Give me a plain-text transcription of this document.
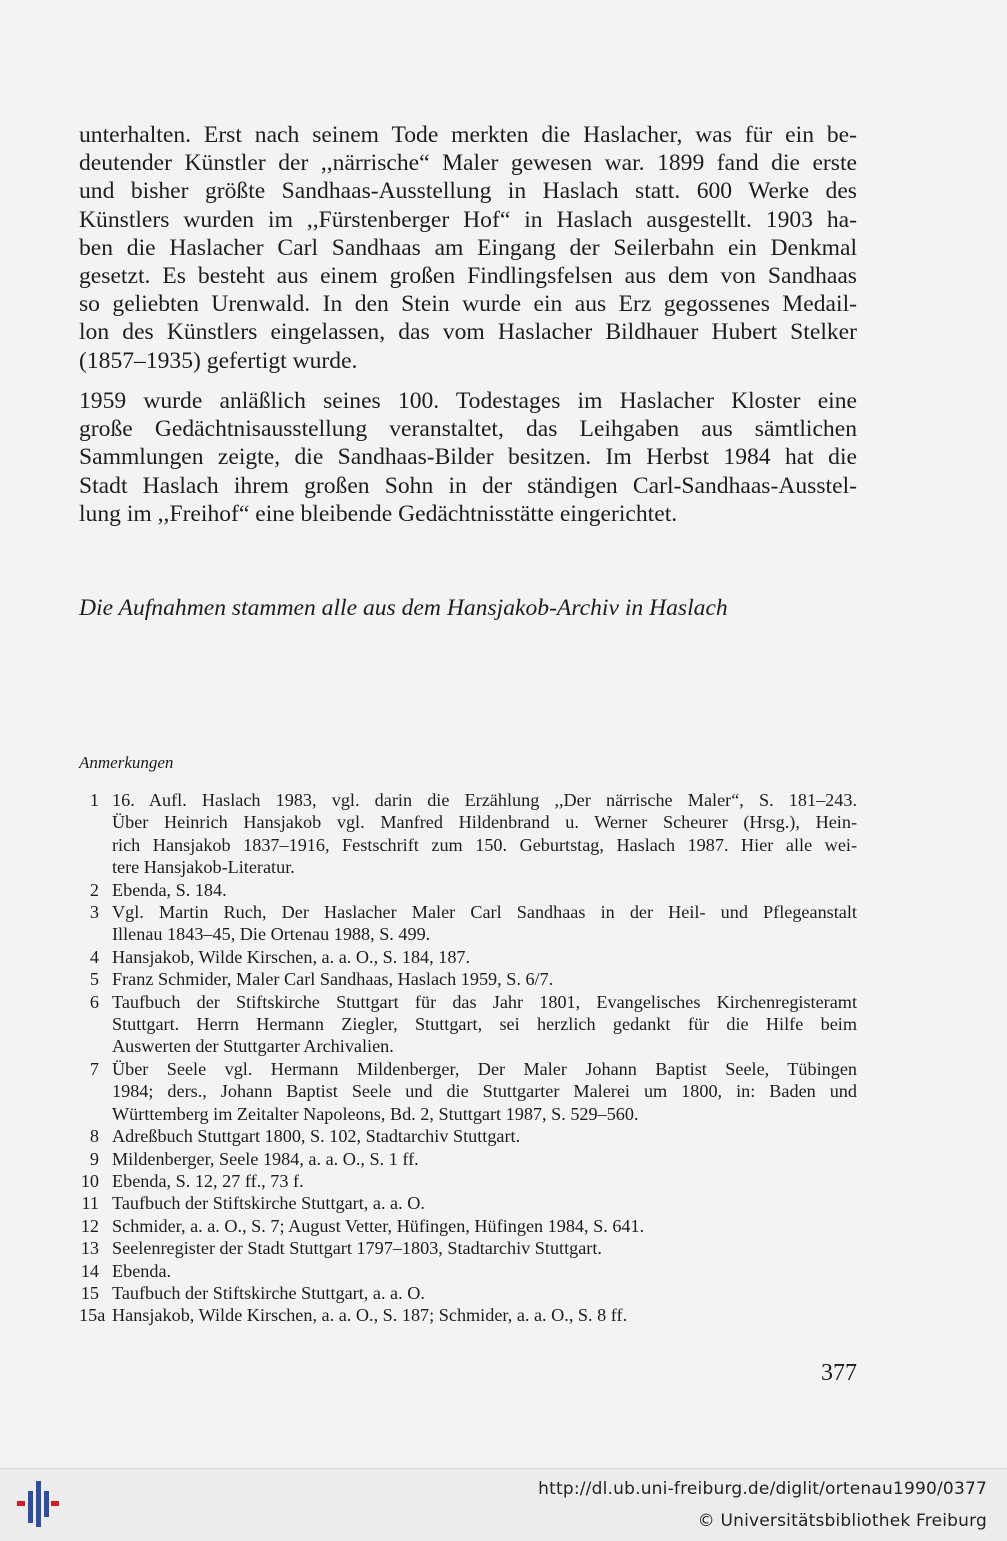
unterhalten. Erst nach seinem Tode merkten die Haslacher, was für ein be-
deutender Künstler der ,,närrische“ Maler gewesen war. 1899 fand die erste
und bisher größte Sandhaas-Ausstellung in Haslach statt. 600 Werke des
Künstlers wurden im ,,Fürstenberger Hof“ in Haslach ausgestellt. 1903 ha-
ben die Haslacher Carl Sandhaas am Eingang der Seilerbahn ein Denkmal
gesetzt. Es besteht aus einem großen Findlingsfelsen aus dem von Sandhaas
so geliebten Urenwald. In den Stein wurde ein aus Erz gegossenes Medail-
lon des Künstlers eingelassen, das vom Haslacher Bildhauer Hubert Stelker
(1857–1935) gefertigt wurde.
1959 wurde anläßlich seines 100. Todestages im Haslacher Kloster eine
große Gedächtnisausstellung veranstaltet, das Leihgaben aus sämtlichen
Sammlungen zeigte, die Sandhaas-Bilder besitzen. Im Herbst 1984 hat die
Stadt Haslach ihrem großen Sohn in der ständigen Carl-Sandhaas-Ausstel-
lung im ,,Freihof“ eine bleibende Gedächtnisstätte eingerichtet.

Die Aufnahmen stammen alle aus dem Hansjakob-Archiv in Haslach

Anmerkungen

1 16. Aufl. Haslach 1983, vgl. darin die Erzählung ,,Der närrische Maler“, S. 181–243.
Über Heinrich Hansjakob vgl. Manfred Hildenbrand u. Werner Scheurer (Hrsg.), Hein-
rich Hansjakob 1837–1916, Festschrift zum 150. Geburtstag, Haslach 1987. Hier alle wei-
tere Hansjakob-Literatur.
2 Ebenda, S. 184.
3 Vgl. Martin Ruch, Der Haslacher Maler Carl Sandhaas in der Heil- und Pflegeanstalt
Illenau 1843–45, Die Ortenau 1988, S. 499.
4 Hansjakob, Wilde Kirschen, a. a. O., S. 184, 187.
5 Franz Schmider, Maler Carl Sandhaas, Haslach 1959, S. 6/7.
6 Taufbuch der Stiftskirche Stuttgart für das Jahr 1801, Evangelisches Kirchenregisteramt
Stuttgart. Herrn Hermann Ziegler, Stuttgart, sei herzlich gedankt für die Hilfe beim
Auswerten der Stuttgarter Archivalien.
7 Über Seele vgl. Hermann Mildenberger, Der Maler Johann Baptist Seele, Tübingen
1984; ders., Johann Baptist Seele und die Stuttgarter Malerei um 1800, in: Baden und
Württemberg im Zeitalter Napoleons, Bd. 2, Stuttgart 1987, S. 529–560.
8 Adreßbuch Stuttgart 1800, S. 102, Stadtarchiv Stuttgart.
9 Mildenberger, Seele 1984, a. a. O., S. 1 ff.
10 Ebenda, S. 12, 27 ff., 73 f.
11 Taufbuch der Stiftskirche Stuttgart, a. a. O.
12 Schmider, a. a. O., S. 7; August Vetter, Hüfingen, Hüfingen 1984, S. 641.
13 Seelenregister der Stadt Stuttgart 1797–1803, Stadtarchiv Stuttgart.
14 Ebenda.
15 Taufbuch der Stiftskirche Stuttgart, a. a. O.
15a Hansjakob, Wilde Kirschen, a. a. O., S. 187; Schmider, a. a. O., S. 8 ff.

377

http://dl.ub.uni-freiburg.de/diglit/ortenau1990/0377
© Universitätsbibliothek Freiburg
